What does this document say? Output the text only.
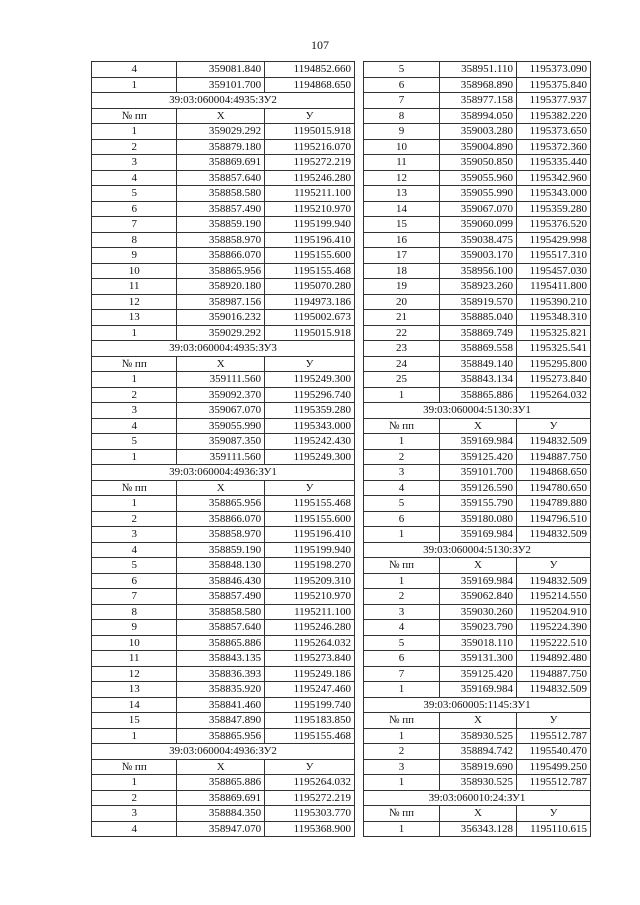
107
4	359081.840	1194852.660
1	359101.700	1194868.650
39:03:060004:4935:ЗУ2		
№ пп	X	У
1	359029.292	1195015.918
2	358879.180	1195216.070
3	358869.691	1195272.219
4	358857.640	1195246.280
5	358858.580	1195211.100
6	358857.490	1195210.970
7	358859.190	1195199.940
8	358858.970	1195196.410
9	358866.070	1195155.600
10	358865.956	1195155.468
11	358920.180	1195070.280
12	358987.156	1194973.186
13	359016.232	1195002.673
1	359029.292	1195015.918
39:03:060004:4935:ЗУ3		
№ пп	X	У
1	359111.560	1195249.300
2	359092.370	1195296.740
3	359067.070	1195359.280
4	359055.990	1195343.000
5	359087.350	1195242.430
1	359111.560	1195249.300
39:03:060004:4936:ЗУ1		
№ пп	X	У
1	358865.956	1195155.468
2	358866.070	1195155.600
3	358858.970	1195196.410
4	358859.190	1195199.940
5	358848.130	1195198.270
6	358846.430	1195209.310
7	358857.490	1195210.970
8	358858.580	1195211.100
9	358857.640	1195246.280
10	358865.886	1195264.032
11	358843.135	1195273.840
12	358836.393	1195249.186
13	358835.920	1195247.460
14	358841.460	1195199.740
15	358847.890	1195183.850
1	358865.956	1195155.468
39:03:060004:4936:ЗУ2		
№ пп	X	У
1	358865.886	1195264.032
2	358869.691	1195272.219
3	358884.350	1195303.770
4	358947.070	1195368.900
5	358951.110	1195373.090
6	358968.890	1195375.840
7	358977.158	1195377.937
8	358994.050	1195382.220
9	359003.280	1195373.650
10	359004.890	1195372.360
11	359050.850	1195335.440
12	359055.960	1195342.960
13	359055.990	1195343.000
14	359067.070	1195359.280
15	359060.099	1195376.520
16	359038.475	1195429.998
17	359003.170	1195517.310
18	358956.100	1195457.030
19	358923.260	1195411.800
20	358919.570	1195390.210
21	358885.040	1195348.310
22	358869.749	1195325.821
23	358869.558	1195325.541
24	358849.140	1195295.800
25	358843.134	1195273.840
1	358865.886	1195264.032
39:03:060004:5130:ЗУ1		
№ пп	X	У
1	359169.984	1194832.509
2	359125.420	1194887.750
3	359101.700	1194868.650
4	359126.590	1194780.650
5	359155.790	1194789.880
6	359180.080	1194796.510
1	359169.984	1194832.509
39:03:060004:5130:ЗУ2		
№ пп	X	У
1	359169.984	1194832.509
2	359062.840	1195214.550
3	359030.260	1195204.910
4	359023.790	1195224.390
5	359018.110	1195222.510
6	359131.300	1194892.480
7	359125.420	1194887.750
1	359169.984	1194832.509
39:03:060005:1145:ЗУ1		
№ пп	X	У
1	358930.525	1195512.787
2	358894.742	1195540.470
3	358919.690	1195499.250
1	358930.525	1195512.787
39:03:060010:24:ЗУ1		
№ пп	X	У
1	356343.128	1195110.615
